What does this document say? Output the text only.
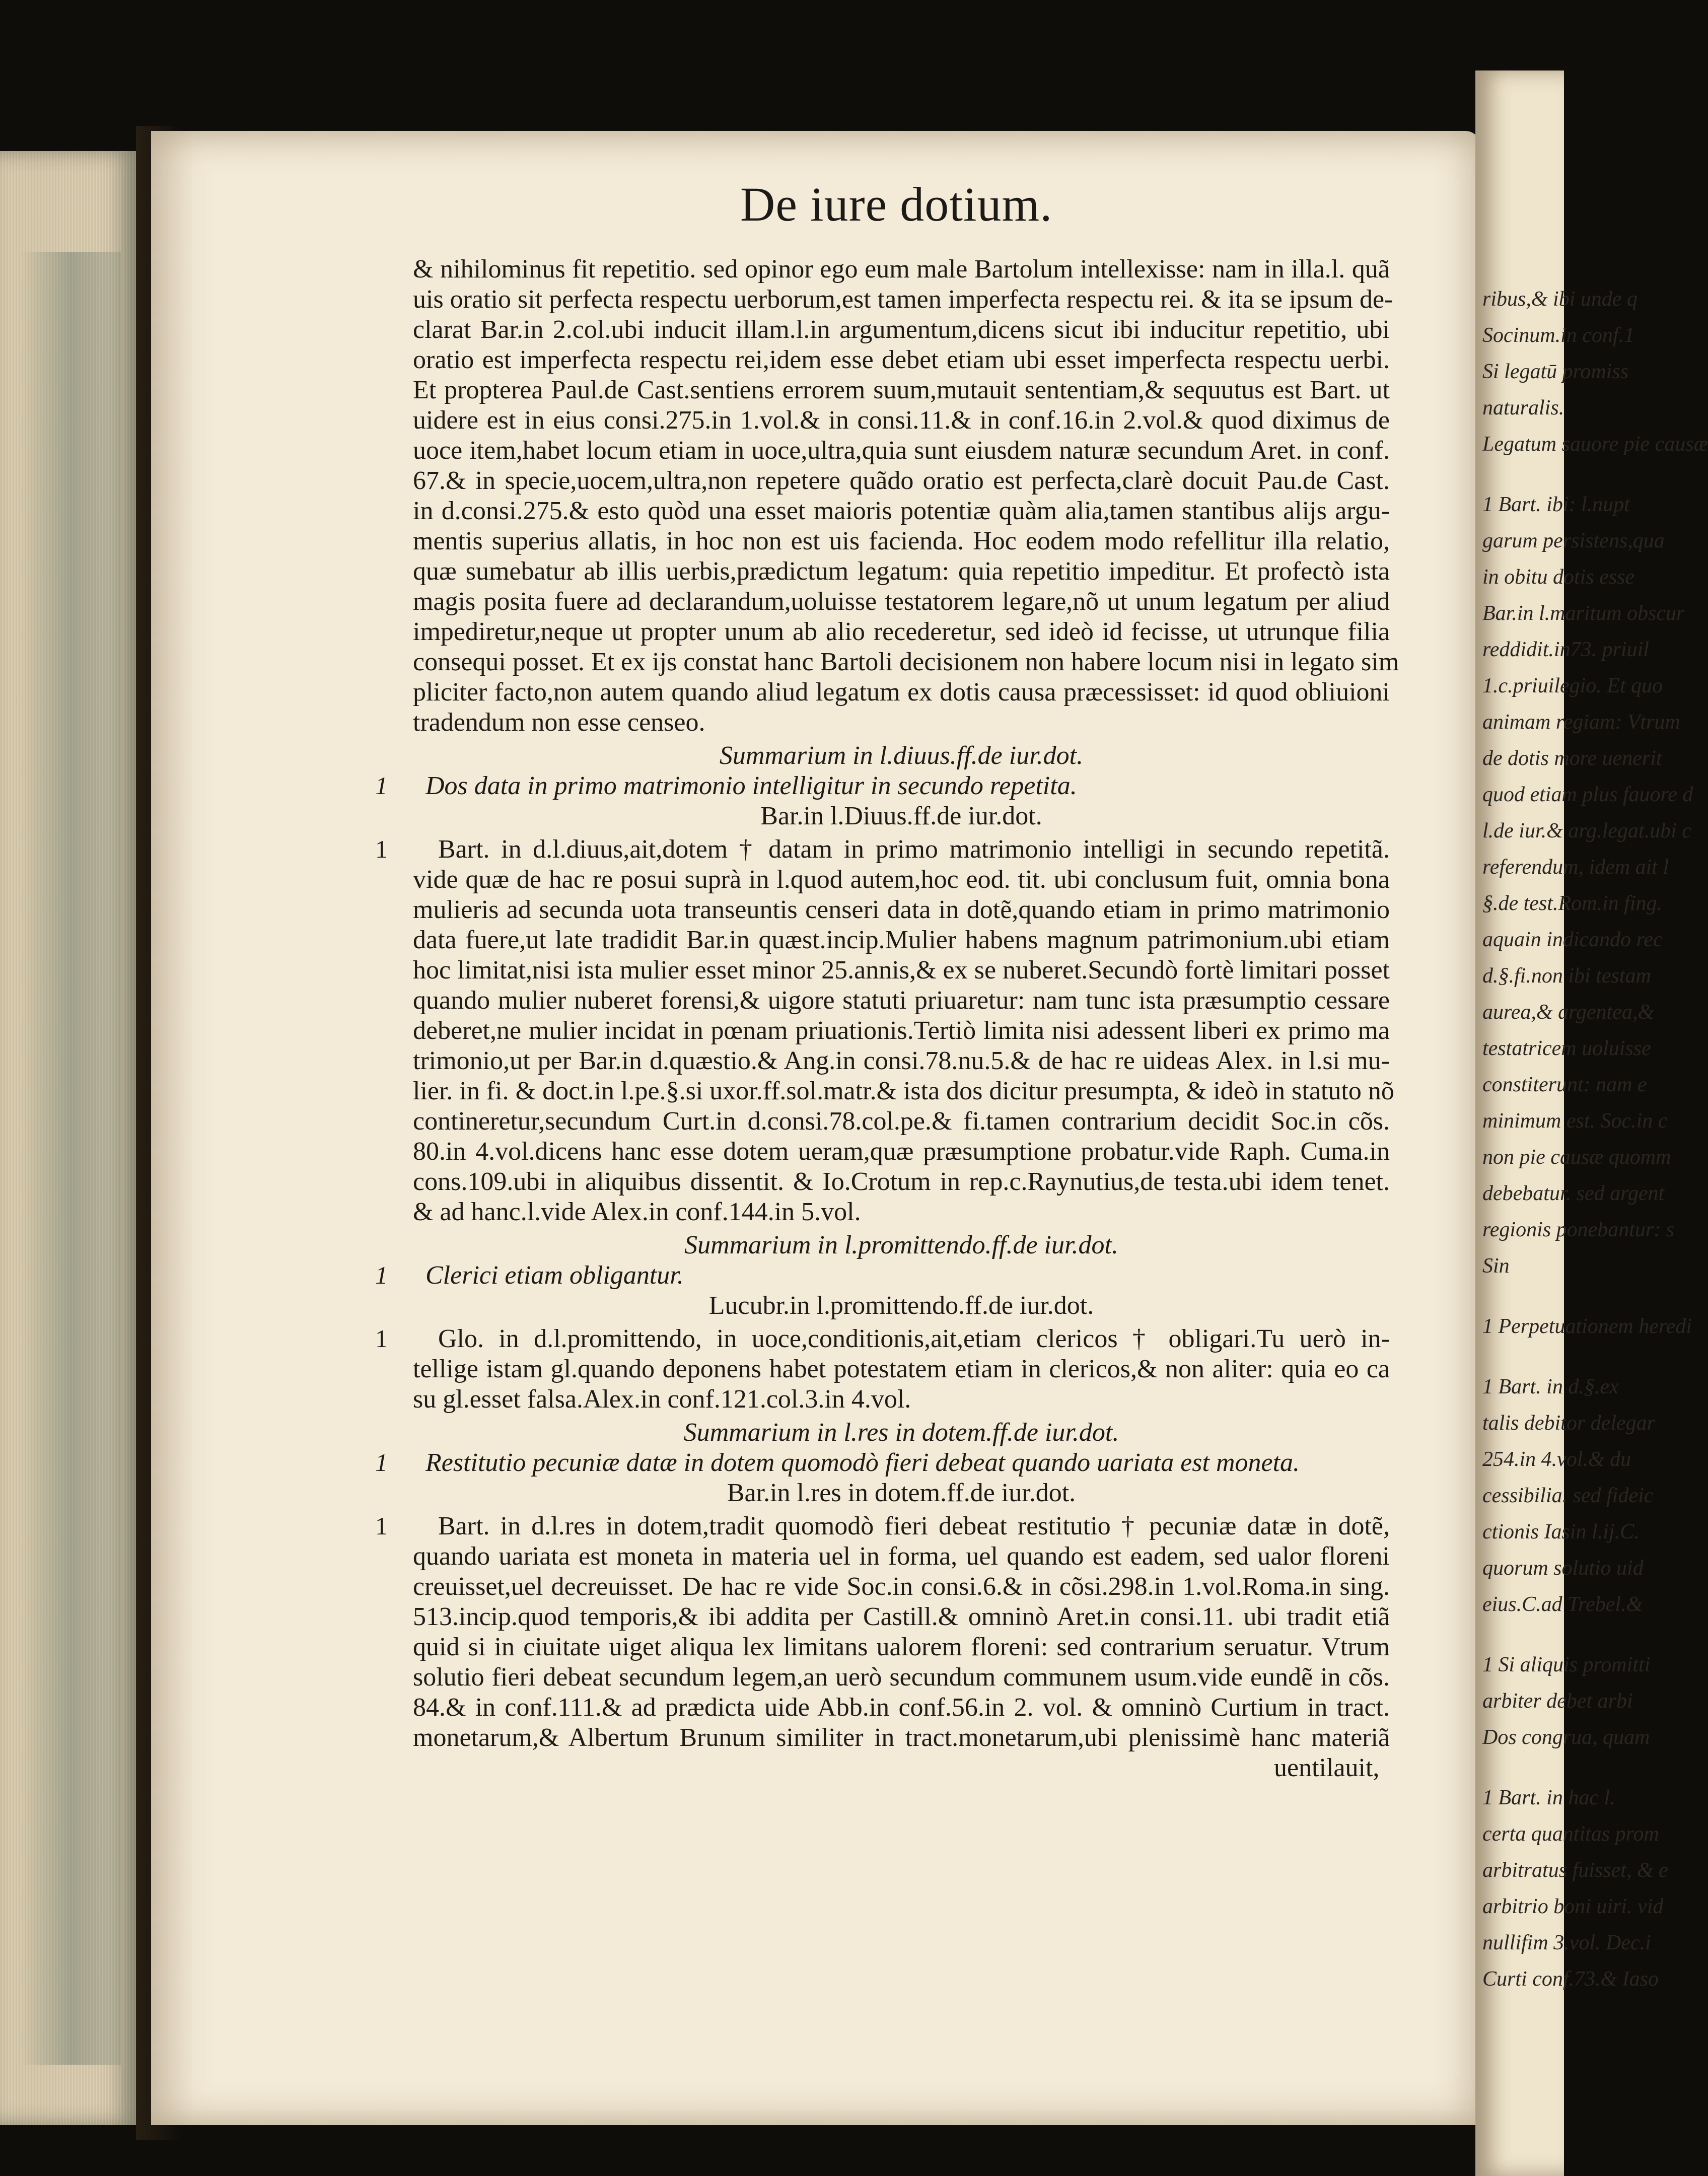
ribus,& ibi unde q
Socinum.in conf.1
Si legatū promiss
naturalis.
Legatum sauore pie causæ
1 Bart. ibi: l.nupt
garum persistens,qua
in obitu dotis esse
Bar.in l.maritum obscur
reddidit.in73. priuil
1.c.priuilegio. Et quo
animam regiam: Vtrum
de dotis more uenerit
quod etiam plus fauore d
l.de iur.& arg.legat.ubi c
referendum, idem ait l
§.de test.Rom.in fing.
aquain indicando rec
d.§.fi.non ibi testam
aurea,& argentea,&
testatricem uoluisse
constiterunt: nam e
minimum est. Soc.in c
non pie causæ quomm
debebatur. sed argent
regionis ponebantur: s
Sin
1 Perpetuationem heredi
1 Bart. in d.§.ex
talis debitor delegar
254.in 4.vol.& du
cessibilia. sed fideic
ctionis Iasin l.ij.C.
quorum solutio uid
eius.C.ad Trebel.&
1 Si aliquis promitti
arbiter debet arbi
Dos congrua, quam
1 Bart. in hac l.
certa quantitas prom
arbitratus fuisset, & e
arbitrio boni uiri. vid
nullifim 3.vol. Dec.i
Curti conf.73.& Iaso
De iure dotium.
& nihilominus fit repetitio. sed opinor ego eum male Bartolum intellexisse: nam in illa.l. quã
uis oratio sit perfecta respectu uerborum,est tamen imperfecta respectu rei. & ita se ipsum de-
clarat Bar.in 2.col.ubi inducit illam.l.in argumentum,dicens sicut ibi inducitur repetitio, ubi
oratio est imperfecta respectu rei,idem esse debet etiam ubi esset imperfecta respectu uerbi.
Et propterea Paul.de Cast.sentiens errorem suum,mutauit sententiam,& sequutus est Bart. ut
uidere est in eius consi.275.in 1.vol.& in consi.11.& in conf.16.in 2.vol.& quod diximus de
uoce item,habet locum etiam in uoce,ultra,quia sunt eiusdem naturæ secundum Aret. in conf.
67.& in specie,uocem,ultra,non repetere quãdo oratio est perfecta,clarè docuit Pau.de Cast.
in d.consi.275.& esto quòd una esset maioris potentiæ quàm alia,tamen stantibus alijs argu-
mentis superius allatis, in hoc non est uis facienda. Hoc eodem modo refellitur illa relatio,
quæ sumebatur ab illis uerbis,prædictum legatum: quia repetitio impeditur. Et profectò ista
magis posita fuere ad declarandum,uoluisse testatorem legare,nõ ut unum legatum per aliud
impediretur,neque ut propter unum ab alio recederetur, sed ideò id fecisse, ut utrunque filia
consequi posset. Et ex ijs constat hanc Bartoli decisionem non habere locum nisi in legato sim
pliciter facto,non autem quando aliud legatum ex dotis causa præcessisset: id quod obliuioni
tradendum non esse censeo.
Summarium in l.diuus.ff.de iur.dot.
1 Dos data in primo matrimonio intelligitur in secundo repetita.
Bar.in l.Diuus.ff.de iur.dot.
1 Bart. in d.l.diuus,ait,dotem † datam in primo matrimonio intelligi in secundo repetitã.
vide quæ de hac re posui suprà in l.quod autem,hoc eod. tit. ubi conclusum fuit, omnia bona
mulieris ad secunda uota transeuntis censeri data in dotẽ,quando etiam in primo matrimonio
data fuere,ut late tradidit Bar.in quæst.incip.Mulier habens magnum patrimonium.ubi etiam
hoc limitat,nisi ista mulier esset minor 25.annis,& ex se nuberet.Secundò fortè limitari posset
quando mulier nuberet forensi,& uigore statuti priuaretur: nam tunc ista præsumptio cessare
deberet,ne mulier incidat in pœnam priuationis.Tertiò limita nisi adessent liberi ex primo ma
trimonio,ut per Bar.in d.quæstio.& Ang.in consi.78.nu.5.& de hac re uideas Alex. in l.si mu-
lier. in fi. & doct.in l.pe.§.si uxor.ff.sol.matr.& ista dos dicitur presumpta, & ideò in statuto nõ
contineretur,secundum Curt.in d.consi.78.col.pe.& fi.tamen contrarium decidit Soc.in cõs.
80.in 4.vol.dicens hanc esse dotem ueram,quæ præsumptione probatur.vide Raph. Cuma.in
cons.109.ubi in aliquibus dissentit. & Io.Crotum in rep.c.Raynutius,de testa.ubi idem tenet.
& ad hanc.l.vide Alex.in conf.144.in 5.vol.
Summarium in l.promittendo.ff.de iur.dot.
1 Clerici etiam obligantur.
Lucubr.in l.promittendo.ff.de iur.dot.
1 Glo. in d.l.promittendo, in uoce,conditionis,ait,etiam clericos † obligari.Tu uerò in-
tellige istam gl.quando deponens habet potestatem etiam in clericos,& non aliter: quia eo ca
su gl.esset falsa.Alex.in conf.121.col.3.in 4.vol.
Summarium in l.res in dotem.ff.de iur.dot.
1 Restitutio pecuniæ datæ in dotem quomodò fieri debeat quando uariata est moneta.
Bar.in l.res in dotem.ff.de iur.dot.
1 Bart. in d.l.res in dotem,tradit quomodò fieri debeat restitutio † pecuniæ datæ in dotẽ,
quando uariata est moneta in materia uel in forma, uel quando est eadem, sed ualor floreni
creuisset,uel decreuisset. De hac re vide Soc.in consi.6.& in cõsi.298.in 1.vol.Roma.in sing.
513.incip.quod temporis,& ibi addita per Castill.& omninò Aret.in consi.11. ubi tradit etiã
quid si in ciuitate uiget aliqua lex limitans ualorem floreni: sed contrarium seruatur. Vtrum
solutio fieri debeat secundum legem,an uerò secundum communem usum.vide eundẽ in cõs.
84.& in conf.111.& ad prædicta uide Abb.in conf.56.in 2. vol. & omninò Curtium in tract.
monetarum,& Albertum Brunum similiter in tract.monetarum,ubi plenissimè hanc materiã
uentilauit,
